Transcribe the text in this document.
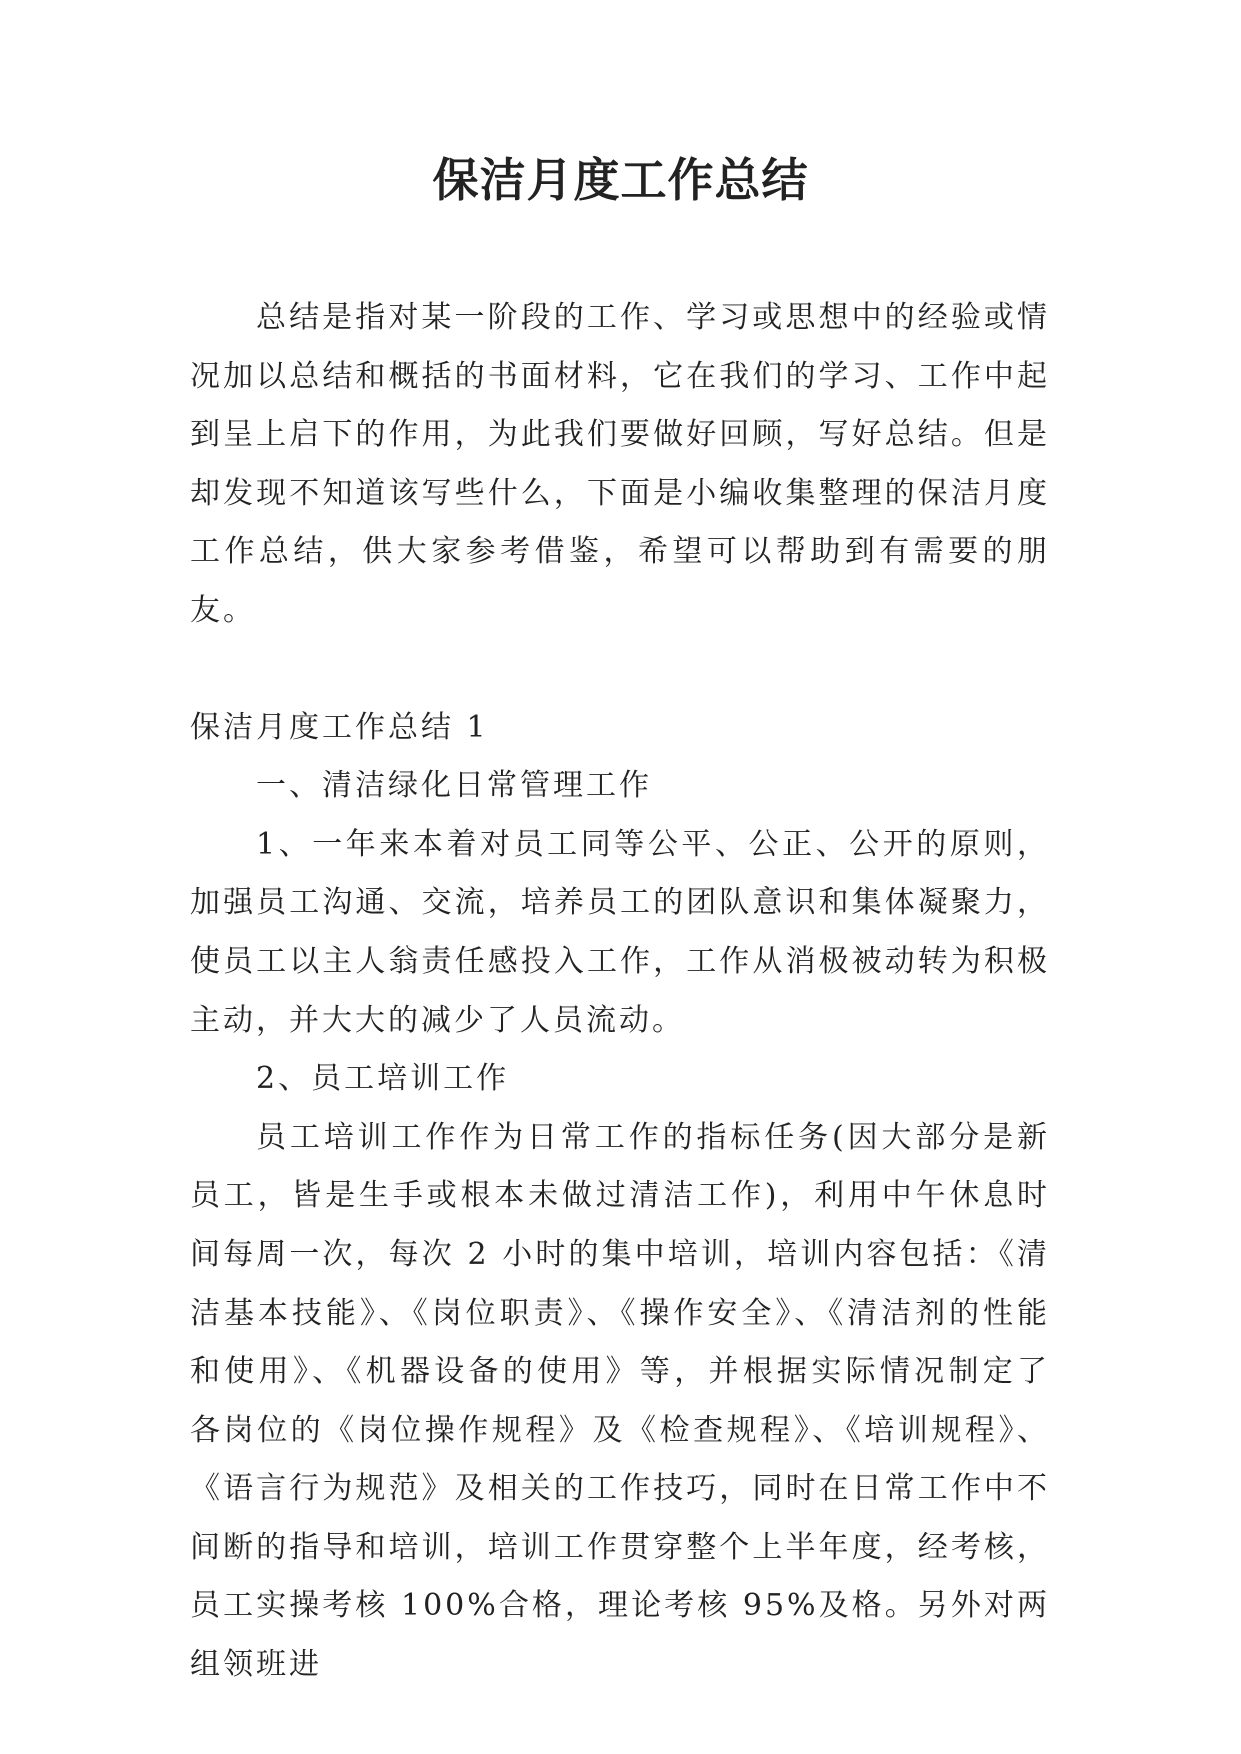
保洁月度工作总结

总结是指对某一阶段的工作、学习或思想中的经验或情况加以总结和概括的书面材料，它在我们的学习、工作中起到呈上启下的作用，为此我们要做好回顾，写好总结。但是却发现不知道该写些什么，下面是小编收集整理的保洁月度工作总结，供大家参考借鉴，希望可以帮助到有需要的朋友。

保洁月度工作总结 1

一、清洁绿化日常管理工作

1、一年来本着对员工同等公平、公正、公开的原则，加强员工沟通、交流，培养员工的团队意识和集体凝聚力，使员工以主人翁责任感投入工作，工作从消极被动转为积极主动，并大大的减少了人员流动。

2、员工培训工作

员工培训工作作为日常工作的指标任务(因大部分是新员工，皆是生手或根本未做过清洁工作)，利用中午休息时间每周一次，每次 2 小时的集中培训，培训内容包括：《清洁基本技能》、《岗位职责》、《操作安全》、《清洁剂的性能和使用》、《机器设备的使用》等，并根据实际情况制定了各岗位的《岗位操作规程》及《检查规程》、《培训规程》、《语言行为规范》及相关的工作技巧，同时在日常工作中不间断的指导和培训，培训工作贯穿整个上半年度，经考核，员工实操考核 100%合格，理论考核 95%及格。另外对两组领班进
